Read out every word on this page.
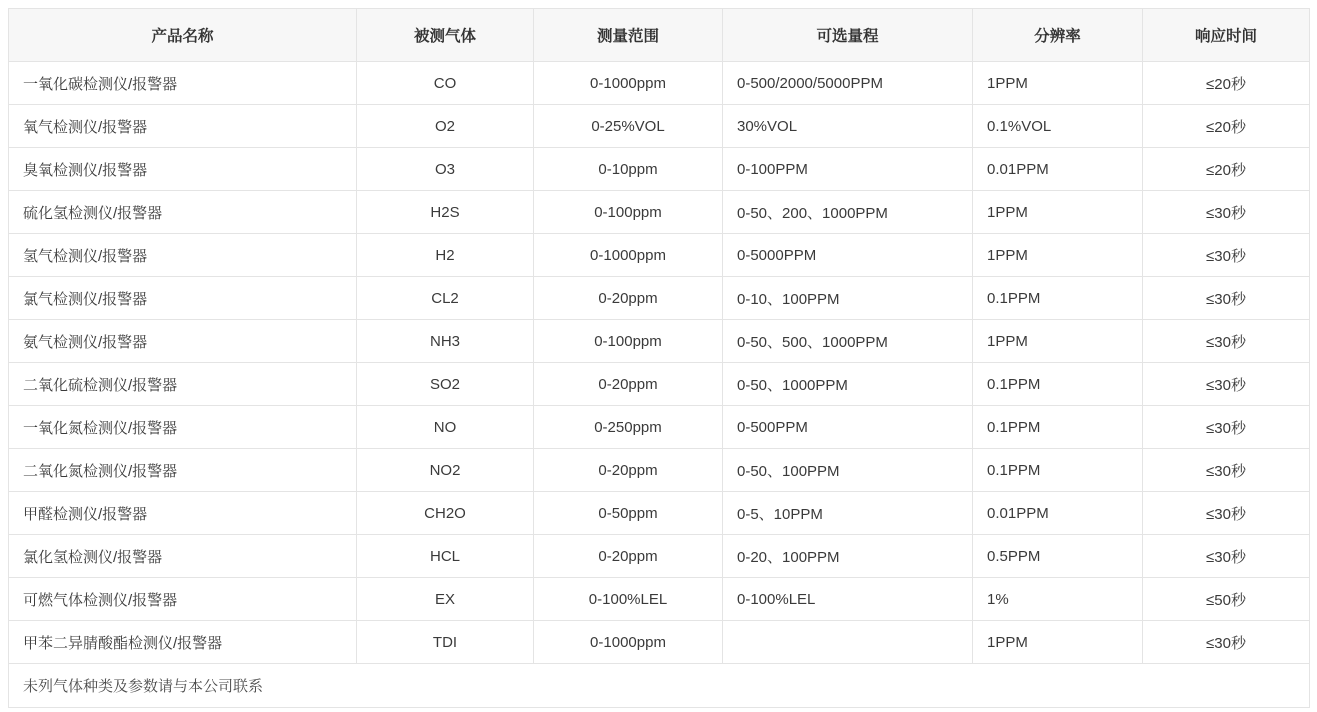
产品名称	被测气体	测量范围	可选量程	分辨率	响应时间
一氧化碳检测仪/报警器	CO	0-1000ppm	0-500/2000/5000PPM	1PPM	≤20秒
氧气检测仪/报警器	O2	0-25%VOL	30%VOL	0.1%VOL	≤20秒
臭氧检测仪/报警器	O3	0-10ppm	0-100PPM	0.01PPM	≤20秒
硫化氢检测仪/报警器	H2S	0-100ppm	0-50、200、1000PPM	1PPM	≤30秒
氢气检测仪/报警器	H2	0-1000ppm	0-5000PPM	1PPM	≤30秒
氯气检测仪/报警器	CL2	0-20ppm	0-10、100PPM	0.1PPM	≤30秒
氨气检测仪/报警器	NH3	0-100ppm	0-50、500、1000PPM	1PPM	≤30秒
二氧化硫检测仪/报警器	SO2	0-20ppm	0-50、1000PPM	0.1PPM	≤30秒
一氧化氮检测仪/报警器	NO	0-250ppm	0-500PPM	0.1PPM	≤30秒
二氧化氮检测仪/报警器	NO2	0-20ppm	0-50、100PPM	0.1PPM	≤30秒
甲醛检测仪/报警器	CH2O	0-50ppm	0-5、10PPM	0.01PPM	≤30秒
氯化氢检测仪/报警器	HCL	0-20ppm	0-20、100PPM	0.5PPM	≤30秒
可燃气体检测仪/报警器	EX	0-100%LEL	0-100%LEL	1%	≤50秒
甲苯二异腈酸酯检测仪/报警器	TDI	0-1000ppm		1PPM	≤30秒
未列气体种类及参数请与本公司联系					
